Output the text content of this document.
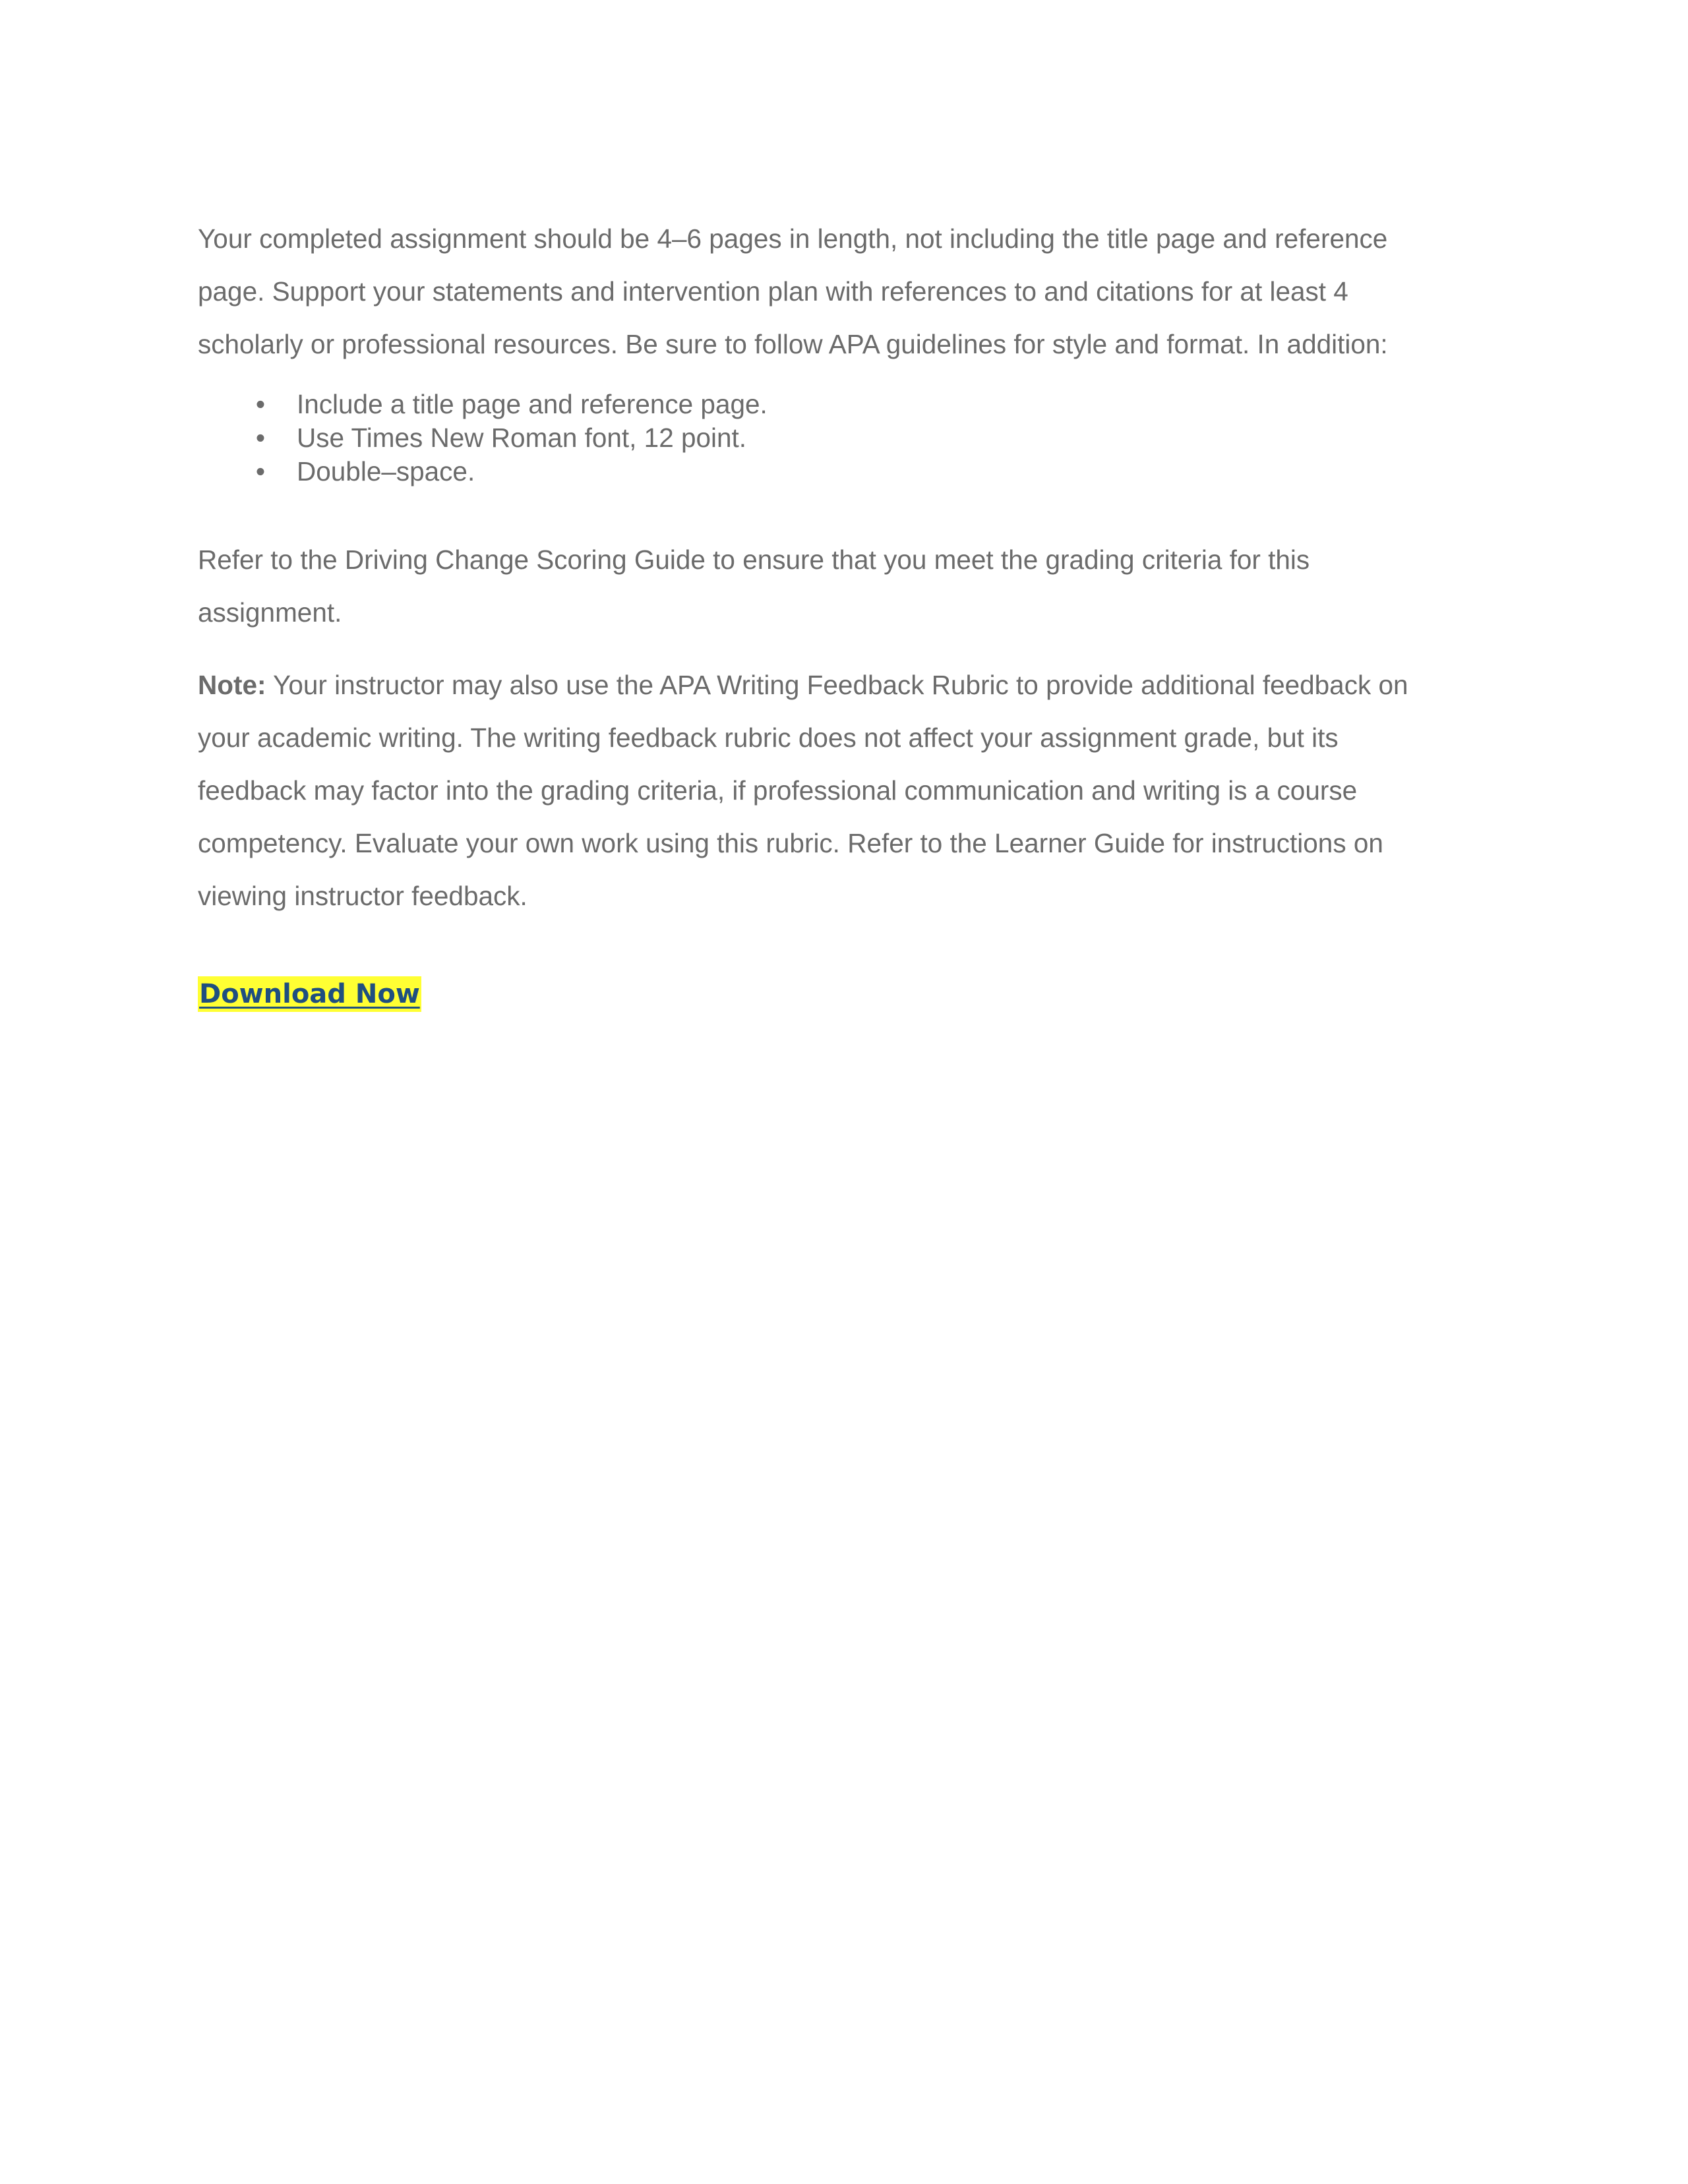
Your completed assignment should be 4–6 pages in length, not including the title page and reference
page. Support your statements and intervention plan with references to and citations for at least 4
scholarly or professional resources. Be sure to follow APA guidelines for style and format. In addition:

• Include a title page and reference page.
• Use Times New Roman font, 12 point.
• Double–space.

Refer to the Driving Change Scoring Guide to ensure that you meet the grading criteria for this
assignment.

Note: Your instructor may also use the APA Writing Feedback Rubric to provide additional feedback on
your academic writing. The writing feedback rubric does not affect your assignment grade, but its
feedback may factor into the grading criteria, if professional communication and writing is a course
competency. Evaluate your own work using this rubric. Refer to the Learner Guide for instructions on
viewing instructor feedback.

Download Now
